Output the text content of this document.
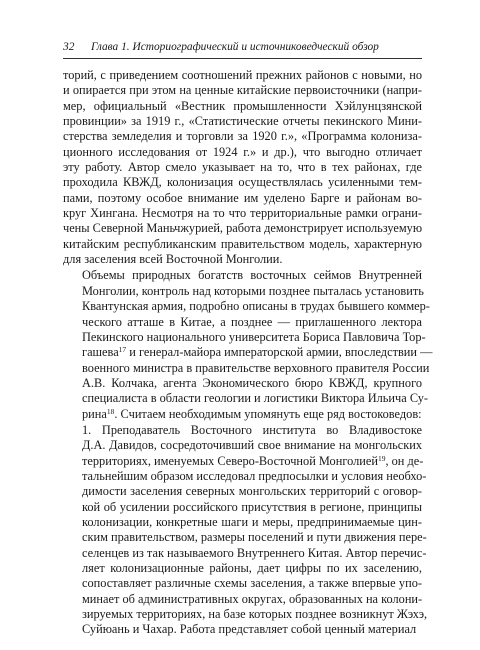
32	Глава 1. Историографический и источниковедческий обзор

торий, с приведением соотношений прежних районов с новыми, но
и опирается при этом на ценные китайские первоисточники (напри-
мер, официальный «Вестник промышленности Хэйлунцзянской
провинции» за 1919 г., «Статистические отчеты пекинского Мини-
стерства земледелия и торговли за 1920 г.», «Программа колониза-
ционного исследования от 1924 г.» и др.), что выгодно отличает
эту работу. Автор смело указывает на то, что в тех районах, где
проходила КВЖД, колонизация осуществлялась усиленными тем-
пами, поэтому особое внимание им уделено Барге и районам во-
круг Хингана. Несмотря на то что территориальные рамки ограни-
чены Северной Маньчжурией, работа демонстрирует используемую
китайским республиканским правительством модель, характерную
для заселения всей Восточной Монголии.

Объемы природных богатств восточных сеймов Внутренней
Монголии, контроль над которыми позднее пыталась установить
Квантунская армия, подробно описаны в трудах бывшего коммер-
ческого атташе в Китае, а позднее — приглашенного лектора
Пекинского национального университета Бориса Павловича Тор-
гашева$^{17}$ и генерал-майора императорской армии, впоследствии —
военного министра в правительстве верховного правителя России
А.В. Колчака, агента Экономического бюро КВЖД, крупного
специалиста в области геологии и логистики Виктора Ильича Су-
рина$^{18}$. Считаем необходимым упомянуть еще ряд востоковедов:

1. Преподаватель Восточного института во Владивостоке
Д.А. Давидов, сосредоточивший свое внимание на монгольских
территориях, именуемых Северо-Восточной Монголией$^{19}$, он де-
тальнейшим образом исследовал предпосылки и условия необхо-
димости заселения северных монгольских территорий с оговор-
кой об усилении российского присутствия в регионе, принципы
колонизации, конкретные шаги и меры, предпринимаемые цин-
ским правительством, размеры поселений и пути движения пере-
селенцев из так называемого Внутреннего Китая. Автор перечис-
ляет колонизационные районы, дает цифры по их заселению,
сопоставляет различные схемы заселения, а также впервые упо-
минает об административных округах, образованных на колони-
зируемых территориях, на базе которых позднее возникнут Жэхэ,
Суйюань и Чахар. Работа представляет собой ценный материал
